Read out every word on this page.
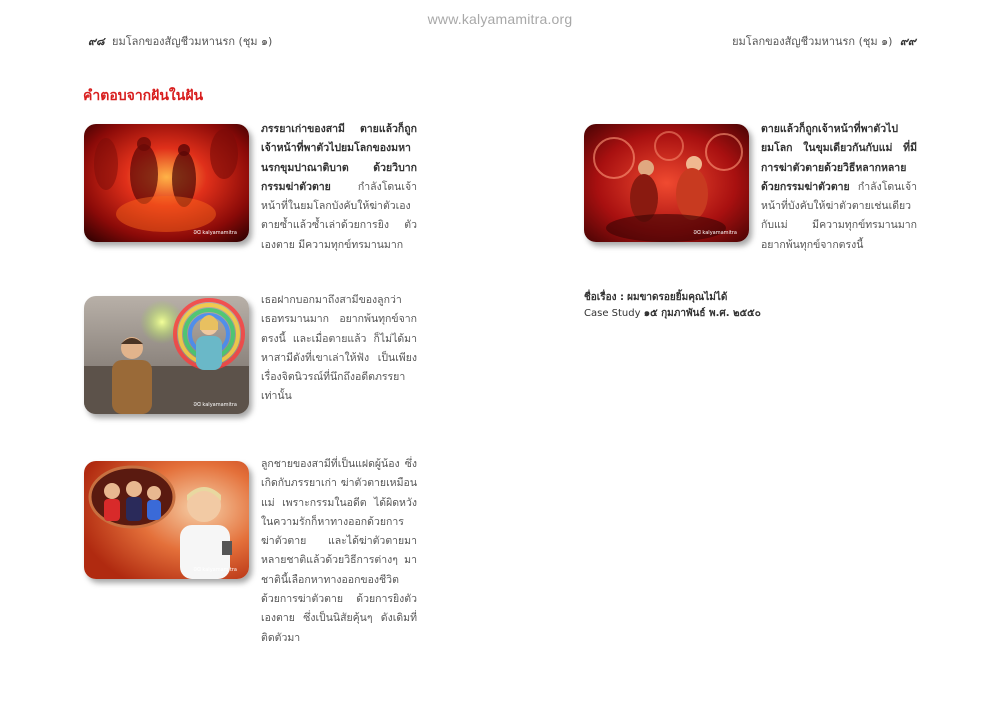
www.kalyamamitra.org
๙๘ ยมโลกของสัญชีวมหานรก (ชุม ๑)	ยมโลกของสัญชีวมหานรก (ชุม ๑) ๙๙
คำตอบจากฝันในฝัน
ᘐᗡ kalyamamitra
ภรรยาเก่าของสามี ตายแล้วก็ถูกเจ้าหน้าที่พาตัวไปยมโลกของมหานรกขุมปาณาติบาต ด้วยวิบากกรรมฆ่าตัวตาย กำลังโดนเจ้าหน้าที่ในยมโลกบังคับให้ฆ่าตัวเองตายซ้ำแล้วซ้ำเล่าด้วยการยิง ตัวเองตาย มีความทุกข์ทรมานมาก
ᘐᗡ kalyamamitra
เธอฝากบอกมาถึงสามีของลูกว่า เธอทรมานมาก อยากพ้นทุกข์จากตรงนี้ และเมื่อตายแล้ว ก็ไม่ได้มาหาสามีดังที่เขาเล่าให้ฟัง เป็นเพียงเรื่องจิตนิวรณ์ที่นึกถึงอดีตภรรยาเท่านั้น
ᘐᗡ kalyamamitra
ลูกชายของสามีที่เป็นแฝดผู้น้อง ซึ่งเกิดกับภรรยาเก่า ฆ่าตัวตายเหมือนแม่ เพราะกรรมในอดีต ได้ผิดหวังในความรักก็หาทางออกด้วยการฆ่าตัวตาย และได้ฆ่าตัวตายมาหลายชาติแล้วด้วยวิธีการต่างๆ มาชาตินี้เลือกหาทางออกของชีวิตด้วยการฆ่าตัวตาย ด้วยการยิงตัวเองตาย ซึ่งเป็นนิสัยคุ้นๆ ดังเดิมที่ติดตัวมา
ᘐᗡ kalyamamitra
ตายแล้วก็ถูกเจ้าหน้าที่พาตัวไปยมโลก ในขุมเดียวกันกับแม่ ที่มีการฆ่าตัวตายด้วยวิธีหลากหลาย ด้วยกรรมฆ่าตัวตาย กำลังโดนเจ้าหน้าที่บังคับให้ฆ่าตัวตายเช่นเดียวกับแม่ มีความทุกข์ทรมานมาก อยากพ้นทุกข์จากตรงนี้
ชื่อเรื่อง : ผมขาดรอยยิ้มคุณไม่ได้
Case Study ๑๕ กุมภาพันธ์ พ.ศ. ๒๕๕๐
